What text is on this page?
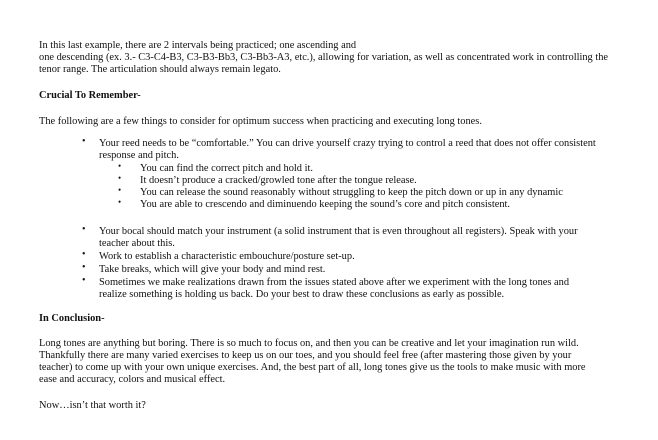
In this last example, there are 2 intervals being practiced; one ascending and
one descending (ex. 3.- C3-C4-B3, C3-B3-Bb3, C3-Bb3-A3, etc.), allowing for variation, as well as concentrated work in controlling the
tenor range. The articulation should always remain legato.
Crucial To Remember-
The following are a few things to consider for optimum success when practicing and executing long tones.
• Your reed needs to be “comfortable.” You can drive yourself crazy trying to control a reed that does not offer consistent
response and pitch.
• You can find the correct pitch and hold it.
• It doesn’t produce a cracked/growled tone after the tongue release.
• You can release the sound reasonably without struggling to keep the pitch down or up in any dynamic
• You are able to crescendo and diminuendo keeping the sound’s core and pitch consistent.
• Your bocal should match your instrument (a solid instrument that is even throughout all registers). Speak with your
teacher about this.
• Work to establish a characteristic embouchure/posture set-up.
• Take breaks, which will give your body and mind rest.
• Sometimes we make realizations drawn from the issues stated above after we experiment with the long tones and
realize something is holding us back. Do your best to draw these conclusions as early as possible.
In Conclusion-
Long tones are anything but boring. There is so much to focus on, and then you can be creative and let your imagination run wild.
Thankfully there are many varied exercises to keep us on our toes, and you should feel free (after mastering those given by your
teacher) to come up with your own unique exercises. And, the best part of all, long tones give us the tools to make music with more
ease and accuracy, colors and musical effect.
Now…isn’t that worth it?
